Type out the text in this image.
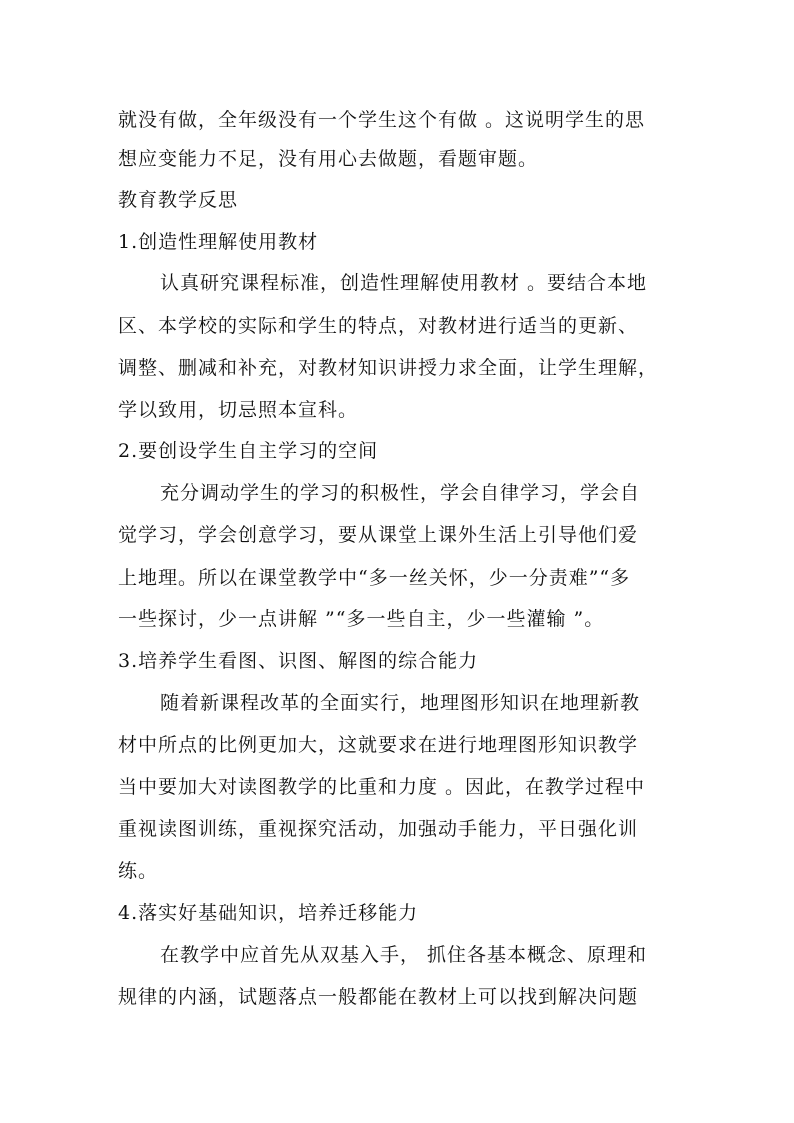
就没有做，全年级没有一个学生这个有做 。这说明学生的思
想应变能力不足，没有用心去做题，看题审题。
教育教学反思
1.创造性理解使用教材
认真研究课程标准，创造性理解使用教材 。要结合本地
区、本学校的实际和学生的特点，对教材进行适当的更新、
调整、删减和补充，对教材知识讲授力求全面，让学生理解，
学以致用，切忌照本宣科。
2.要创设学生自主学习的空间
充分调动学生的学习的积极性，学会自律学习，学会自
觉学习，学会创意学习，要从课堂上课外生活上引导他们爱
上地理。所以在课堂教学中“多一丝关怀，少一分责难”“多
一些探讨，少一点讲解 ”“多一些自主，少一些灌输 ”。
3.培养学生看图、识图、解图的综合能力
随着新课程改革的全面实行，地理图形知识在地理新教
材中所点的比例更加大，这就要求在进行地理图形知识教学
当中要加大对读图教学的比重和力度 。因此，在教学过程中
重视读图训练，重视探究活动，加强动手能力，平日强化训
练。
4.落实好基础知识，培养迁移能力
在教学中应首先从双基入手， 抓住各基本概念、原理和
规律的内涵，试题落点一般都能在教材上可以找到解决问题
